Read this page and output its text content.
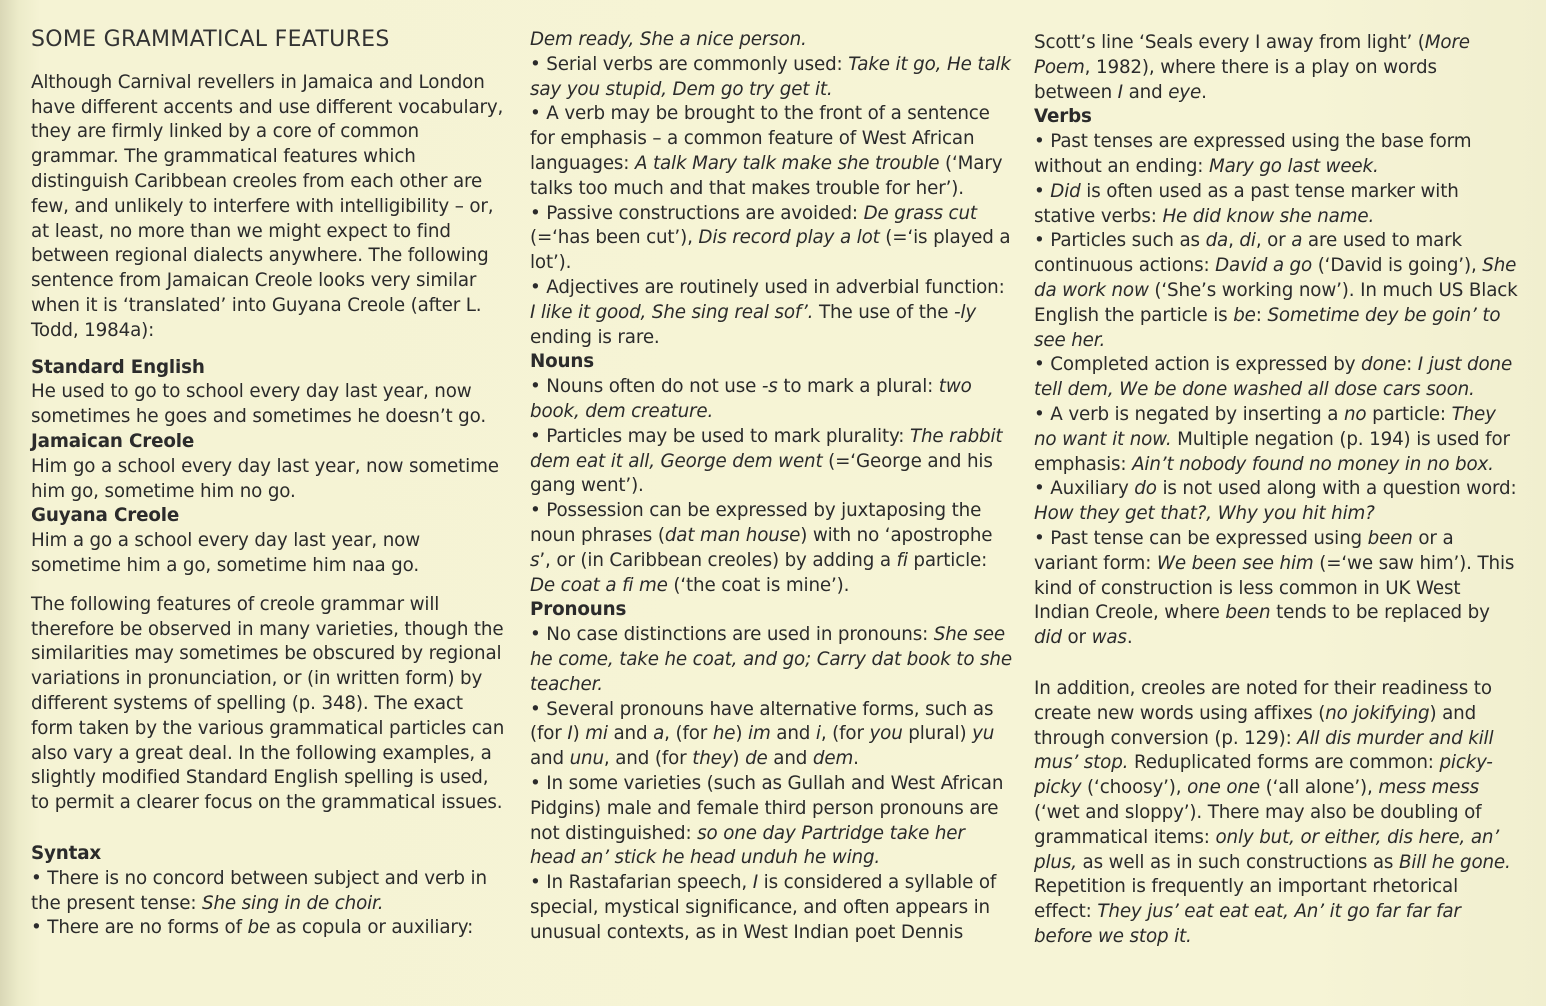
SOME GRAMMATICAL FEATURES
Although Carnival revellers in Jamaica and London have different accents and use different vocabulary, they are firmly linked by a core of common grammar. The grammatical features which distinguish Caribbean creoles from each other are few, and unlikely to interfere with intelligibility – or, at least, no more than we might expect to find between regional dialects anywhere. The following sentence from Jamaican Creole looks very similar when it is ‘translated’ into Guyana Creole (after L. Todd, 1984a):
Standard English
He used to go to school every day last year, now sometimes he goes and sometimes he doesn’t go.
Jamaican Creole
Him go a school every day last year, now sometime him go, sometime him no go.
Guyana Creole
Him a go a school every day last year, now sometime him a go, sometime him naa go.
The following features of creole grammar will therefore be observed in many varieties, though the similarities may sometimes be obscured by regional variations in pronunciation, or (in written form) by different systems of spelling (p. 348). The exact form taken by the various grammatical particles can also vary a great deal. In the following examples, a slightly modified Standard English spelling is used, to permit a clearer focus on the grammatical issues.
Syntax
• There is no concord between subject and verb in the present tense: She sing in de choir.
• There are no forms of be as copula or auxiliary:
Dem ready, She a nice person.
• Serial verbs are commonly used: Take it go, He talk say you stupid, Dem go try get it.
• A verb may be brought to the front of a sentence for emphasis – a common feature of West African languages: A talk Mary talk make she trouble (‘Mary talks too much and that makes trouble for her’).
• Passive constructions are avoided: De grass cut (=‘has been cut’), Dis record play a lot (=‘is played a lot’).
• Adjectives are routinely used in adverbial function: I like it good, She sing real sof’. The use of the -ly ending is rare.
Nouns
• Nouns often do not use -s to mark a plural: two book, dem creature.
• Particles may be used to mark plurality: The rabbit dem eat it all, George dem went (=‘George and his gang went’).
• Possession can be expressed by juxtaposing the noun phrases (dat man house) with no ‘apostrophe s’, or (in Caribbean creoles) by adding a fi particle: De coat a fi me (‘the coat is mine’).
Pronouns
• No case distinctions are used in pronouns: She see he come, take he coat, and go; Carry dat book to she teacher.
• Several pronouns have alternative forms, such as (for I) mi and a, (for he) im and i, (for you plural) yu and unu, and (for they) de and dem.
• In some varieties (such as Gullah and West African Pidgins) male and female third person pronouns are not distinguished: so one day Partridge take her head an’ stick he head unduh he wing.
• In Rastafarian speech, I is considered a syllable of special, mystical significance, and often appears in unusual contexts, as in West Indian poet Dennis
Scott’s line ‘Seals every I away from light’ (More Poem, 1982), where there is a play on words between I and eye.
Verbs
• Past tenses are expressed using the base form without an ending: Mary go last week.
• Did is often used as a past tense marker with stative verbs: He did know she name.
• Particles such as da, di, or a are used to mark continuous actions: David a go (‘David is going’), She da work now (‘She’s working now’). In much US Black English the particle is be: Sometime dey be goin’ to see her.
• Completed action is expressed by done: I just done tell dem, We be done washed all dose cars soon.
• A verb is negated by inserting a no particle: They no want it now. Multiple negation (p. 194) is used for emphasis: Ain’t nobody found no money in no box.
• Auxiliary do is not used along with a question word: How they get that?, Why you hit him?
• Past tense can be expressed using been or a variant form: We been see him (=‘we saw him’). This kind of construction is less common in UK West Indian Creole, where been tends to be replaced by did or was.
In addition, creoles are noted for their readiness to create new words using affixes (no jokifying) and through conversion (p. 129): All dis murder and kill mus’ stop. Reduplicated forms are common: picky-picky (‘choosy’), one one (‘all alone’), mess mess (‘wet and sloppy’). There may also be doubling of grammatical items: only but, or either, dis here, an’ plus, as well as in such constructions as Bill he gone. Repetition is frequently an important rhetorical effect: They jus’ eat eat eat, An’ it go far far far before we stop it.
